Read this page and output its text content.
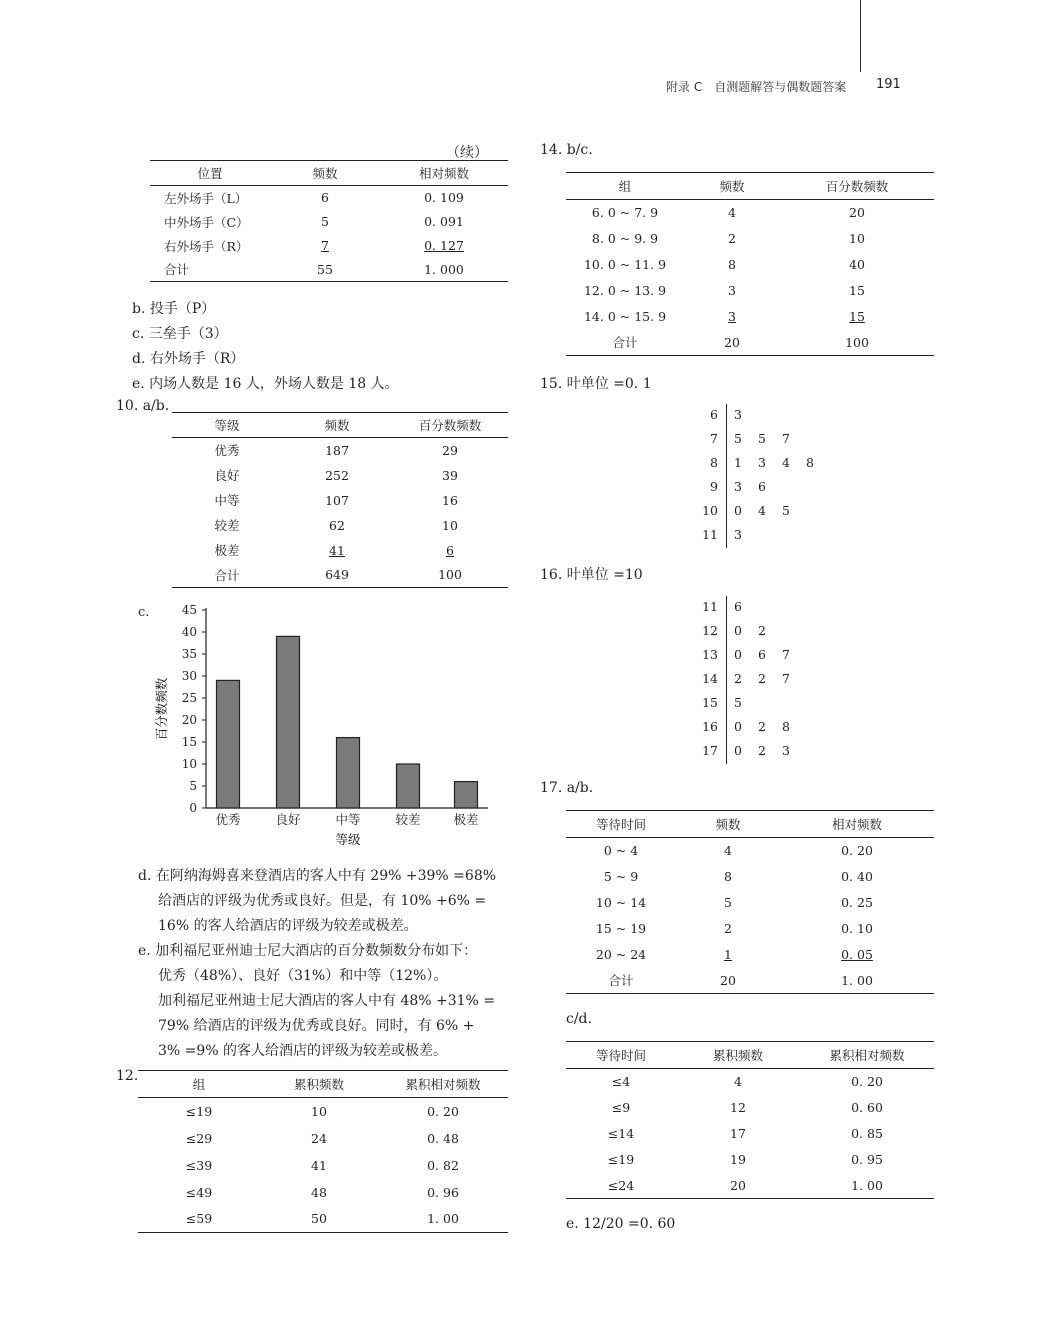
附录 C　自测题解答与偶数题答案 191
（续）
位置	频数	相对频数
左外场手（L）	6	0. 109
中外场手（C）	5	0. 091
右外场手（R）	7	0. 127
合计	55	1. 000
b. 投手（P）
c. 三垒手（3）
d. 右外场手（R）
e. 内场人数是 16 人，外场人数是 18 人。
10. a/b.
等级	频数	百分数频数
优秀	187	29
良好	252	39
中等	107	16
较差	62	10
极差	41	6
合计	649	100
c.
0
5
10
15
20
25
30
35
40
45
优秀	良好	中等	较差	极差
百分数频数
等级
d. 在阿纳海姆喜来登酒店的客人中有 29% +39% =68%
给酒店的评级为优秀或良好。但是，有 10% +6% =
16% 的客人给酒店的评级为较差或极差。
e. 加利福尼亚州迪士尼大酒店的百分数频数分布如下：
优秀（48%）、良好（31%）和中等（12%）。
加利福尼亚州迪士尼大酒店的客人中有 48% +31% =
79% 给酒店的评级为优秀或良好。同时，有 6% +
3% =9% 的客人给酒店的评级为较差或极差。
12.
组	累积频数	累积相对频数
≤19	10	0. 20
≤29	24	0. 48
≤39	41	0. 82
≤49	48	0. 96
≤59	50	1. 00
14. b/c.
组	频数	百分数频数
6. 0 ~ 7. 9	4	20
8. 0 ~ 9. 9	2	10
10. 0 ~ 11. 9	8	40
12. 0 ~ 13. 9	3	15
14. 0 ~ 15. 9	3	15
合计	20	100
15. 叶单位 =0. 1
6 3
7 5 5 7
8 1 3 4 8
9 3 6
10 0 4 5
11 3
16. 叶单位 =10
11 6
12 0 2
13 0 6 7
14 2 2 7
15 5
16 0 2 8
17 0 2 3
17. a/b.
等待时间	频数	相对频数
0 ~ 4	4	0. 20
5 ~ 9	8	0. 40
10 ~ 14	5	0. 25
15 ~ 19	2	0. 10
20 ~ 24	1	0. 05
合计	20	1. 00
c/d.
等待时间	累积频数	累积相对频数
≤4	4	0. 20
≤9	12	0. 60
≤14	17	0. 85
≤19	19	0. 95
≤24	20	1. 00
e. 12/20 =0. 60
